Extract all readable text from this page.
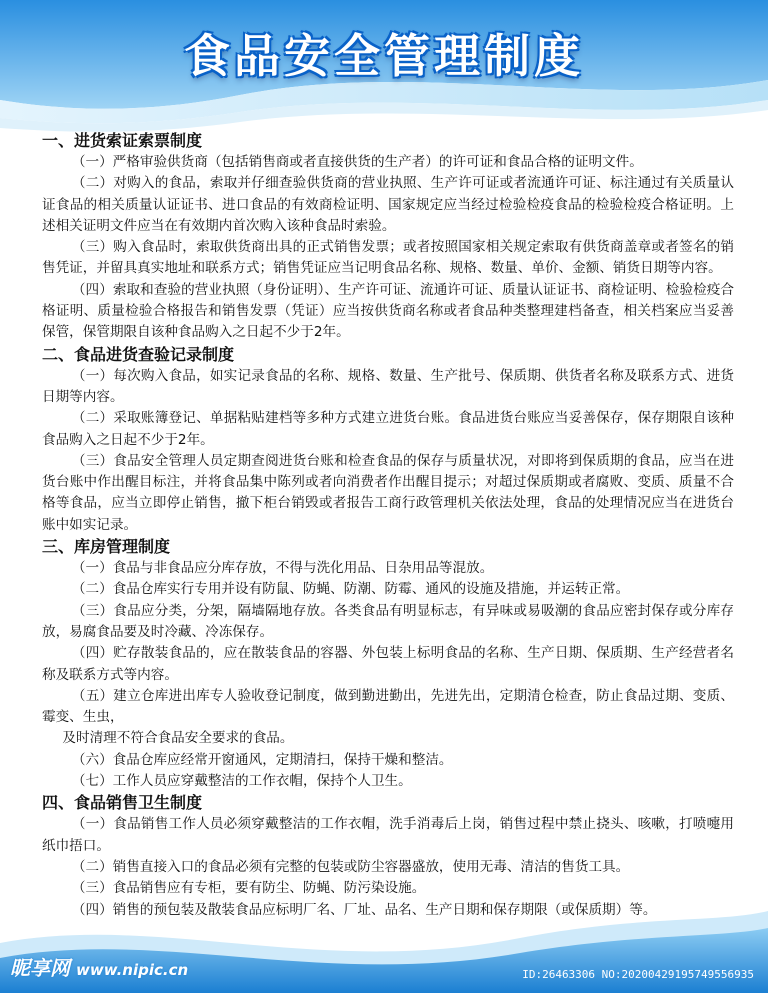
食品安全管理制度
一、进货索证索票制度
（一）严格审验供货商（包括销售商或者直接供货的生产者）的许可证和食品合格的证明文件。
（二）对购入的食品，索取并仔细查验供货商的营业执照、生产许可证或者流通许可证、标注通过有关质量认证食品的相关质量认证证书、进口食品的有效商检证明、国家规定应当经过检验检疫食品的检验检疫合格证明。上述相关证明文件应当在有效期内首次购入该种食品时索验。
（三）购入食品时，索取供货商出具的正式销售发票；或者按照国家相关规定索取有供货商盖章或者签名的销售凭证，并留具真实地址和联系方式；销售凭证应当记明食品名称、规格、数量、单价、金额、销货日期等内容。
（四）索取和查验的营业执照（身份证明）、生产许可证、流通许可证、质量认证证书、商检证明、检验检疫合格证明、质量检验合格报告和销售发票（凭证）应当按供货商名称或者食品种类整理建档备查，相关档案应当妥善保管，保管期限自该种食品购入之日起不少于2年。
二、食品进货查验记录制度
（一）每次购入食品，如实记录食品的名称、规格、数量、生产批号、保质期、供货者名称及联系方式、进货日期等内容。
（二）采取账簿登记、单据粘贴建档等多种方式建立进货台账。食品进货台账应当妥善保存，保存期限自该种食品购入之日起不少于2年。
（三）食品安全管理人员定期查阅进货台账和检查食品的保存与质量状况，对即将到保质期的食品，应当在进货台账中作出醒目标注，并将食品集中陈列或者向消费者作出醒目提示；对超过保质期或者腐败、变质、质量不合格等食品，应当立即停止销售，撤下柜台销毁或者报告工商行政管理机关依法处理，食品的处理情况应当在进货台账中如实记录。
三、库房管理制度
（一）食品与非食品应分库存放，不得与洗化用品、日杂用品等混放。
（二）食品仓库实行专用并设有防鼠、防蝇、防潮、防霉、通风的设施及措施，并运转正常。
（三）食品应分类，分架，隔墙隔地存放。各类食品有明显标志，有异味或易吸潮的食品应密封保存或分库存放，易腐食品要及时冷藏、冷冻保存。
（四）贮存散装食品的，应在散装食品的容器、外包装上标明食品的名称、生产日期、保质期、生产经营者名称及联系方式等内容。
（五）建立仓库进出库专人验收登记制度，做到勤进勤出，先进先出，定期清仓检查，防止食品过期、变质、霉变、生虫，
及时清理不符合食品安全要求的食品。
（六）食品仓库应经常开窗通风，定期清扫，保持干燥和整洁。
（七）工作人员应穿戴整洁的工作衣帽，保持个人卫生。
四、食品销售卫生制度
（一）食品销售工作人员必须穿戴整洁的工作衣帽，洗手消毒后上岗，销售过程中禁止挠头、咳嗽，打喷嚏用纸巾捂口。
（二）销售直接入口的食品必须有完整的包装或防尘容器盛放，使用无毒、清洁的售货工具。
（三）食品销售应有专柜，要有防尘、防蝇、防污染设施。
（四）销售的预包装及散装食品应标明厂名、厂址、品名、生产日期和保存期限（或保质期）等。
昵享网 www.nipic.cn	ID:26463306 NO:20200429195749556935
